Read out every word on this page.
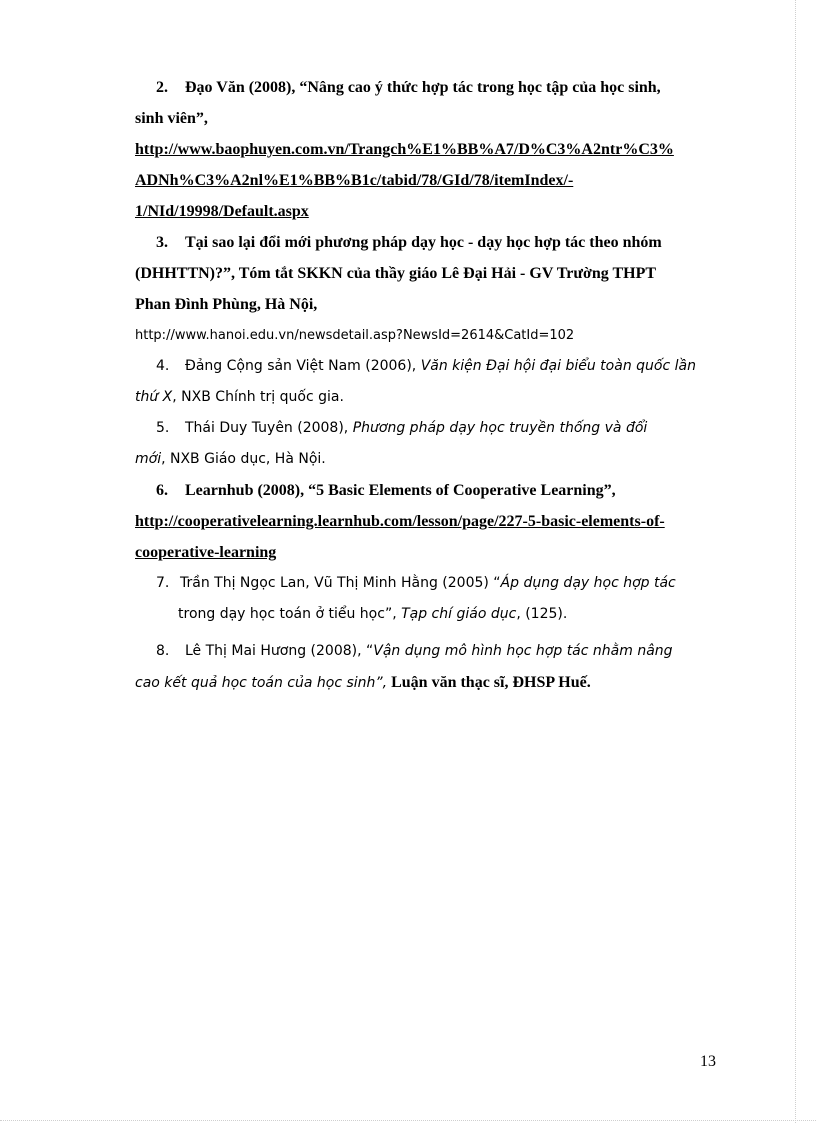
2. Đạo Văn (2008), “Nâng cao ý thức hợp tác trong học tập của học sinh,
sinh viên”,
http://www.baophuyen.com.vn/Trangch%E1%BB%A7/D%C3%A2ntr%C3%
ADNh%C3%A2nl%E1%BB%B1c/tabid/78/GId/78/itemIndex/-
1/NId/19998/Default.aspx
3. Tại sao lại đổi mới phương pháp dạy học - dạy học hợp tác theo nhóm
(DHHTTN)?”, Tóm tắt SKKN của thầy giáo Lê Đại Hải - GV Trường THPT
Phan Đình Phùng, Hà Nội,
http://www.hanoi.edu.vn/newsdetail.asp?NewsId=2614&CatId=102
4. Đảng Cộng sản Việt Nam (2006), Văn kiện Đại hội đại biểu toàn quốc lần
thứ X, NXB Chính trị quốc gia.
5. Thái Duy Tuyên (2008), Phương pháp dạy học truyền thống và đổi
mới, NXB Giáo dục, Hà Nội.
6. Learnhub (2008), “5 Basic Elements of Cooperative Learning”,
http://cooperativelearning.learnhub.com/lesson/page/227-5-basic-elements-of-
cooperative-learning
7. Trần Thị Ngọc Lan, Vũ Thị Minh Hằng (2005) “Áp dụng dạy học hợp tác
trong dạy học toán ở tiểu học”, Tạp chí giáo dục, (125).
8. Lê Thị Mai Hương (2008), “Vận dụng mô hình học hợp tác nhằm nâng
cao kết quả học toán của học sinh”, Luận văn thạc sĩ, ĐHSP Huế.
13
